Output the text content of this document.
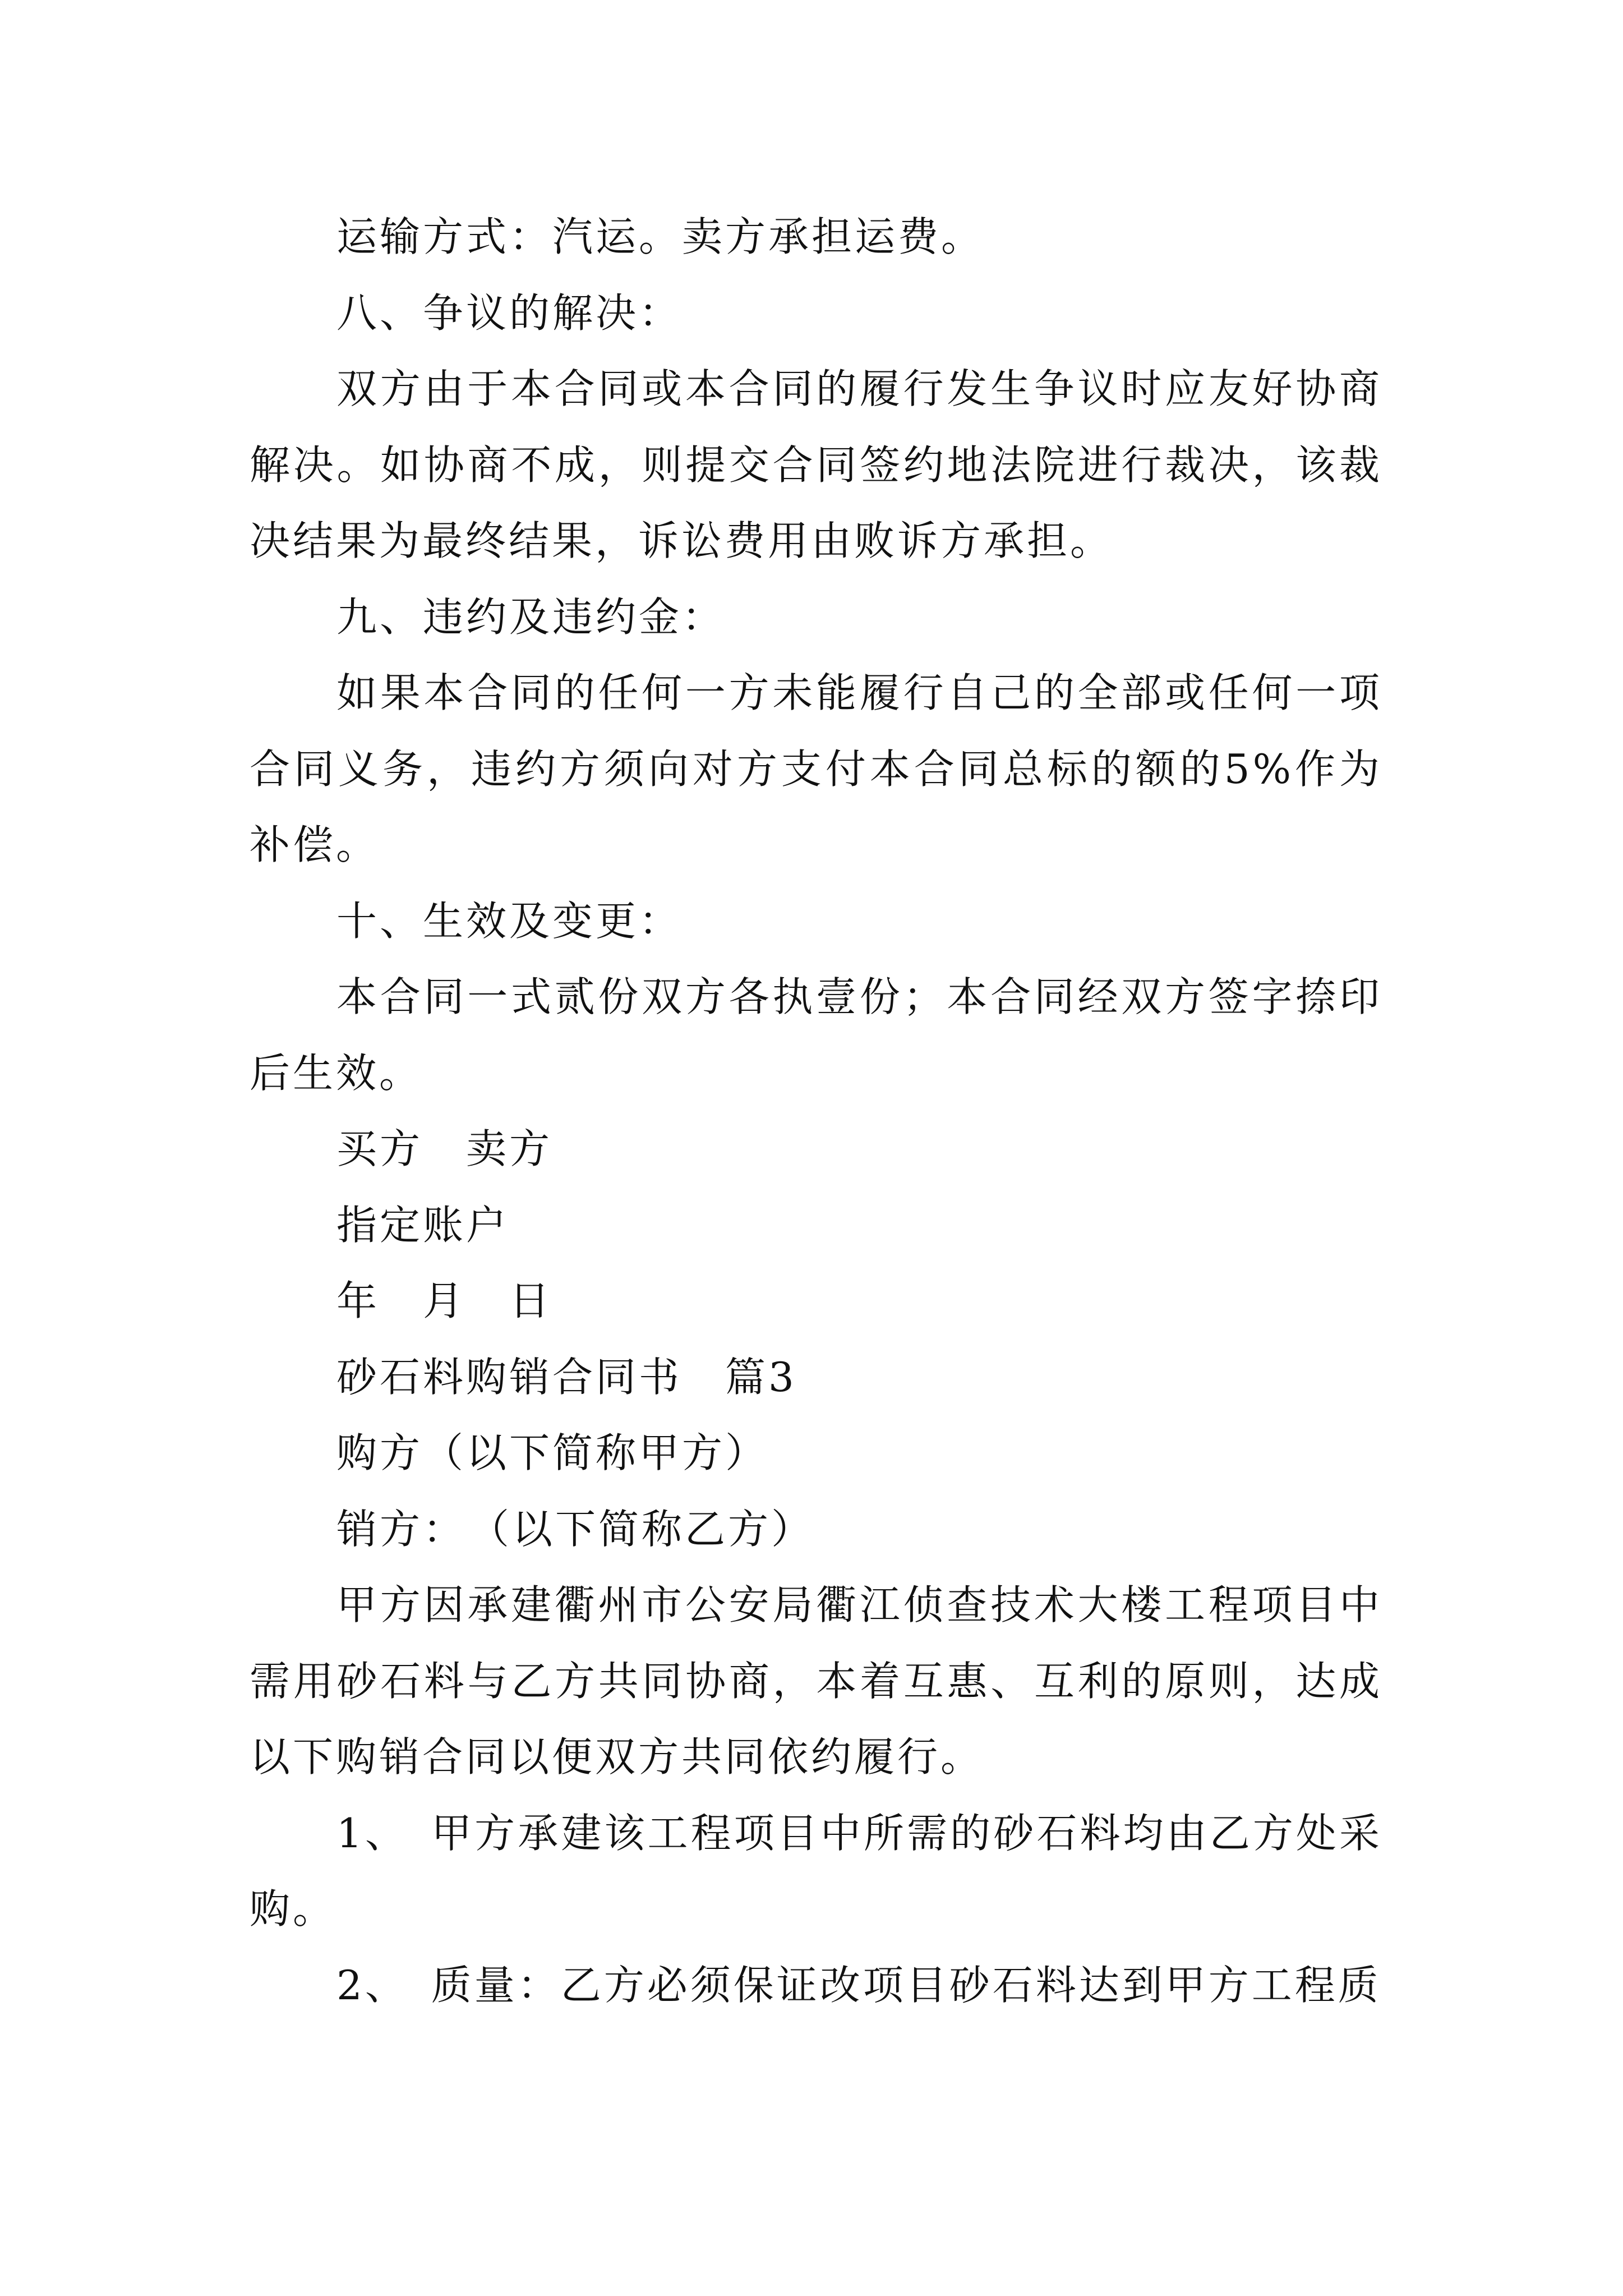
运输方式：汽运。卖方承担运费。

八、争议的解决：

双方由于本合同或本合同的履行发生争议时应友好协商解决。如协商不成，则提交合同签约地法院进行裁决，该裁决结果为最终结果，诉讼费用由败诉方承担。

九、违约及违约金：

如果本合同的任何一方未能履行自己的全部或任何一项合同义务，违约方须向对方支付本合同总标的额的5%作为补偿。

十、生效及变更：

本合同一式贰份双方各执壹份；本合同经双方签字捺印后生效。

买方　卖方

指定账户

年　月　日

砂石料购销合同书　篇3

购方（以下简称甲方）

销方：　（以下简称乙方）

甲方因承建衢州市公安局衢江侦查技术大楼工程项目中需用砂石料与乙方共同协商，本着互惠、互利的原则，达成以下购销合同以便双方共同依约履行。

1、　甲方承建该工程项目中所需的砂石料均由乙方处采购。

2、　质量：乙方必须保证改项目砂石料达到甲方工程质
